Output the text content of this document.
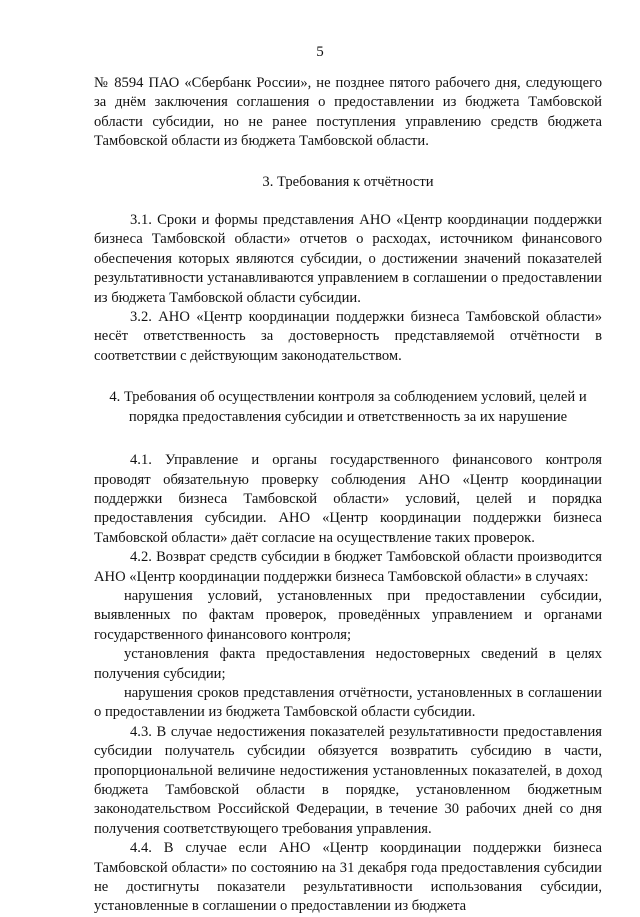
5

№ 8594 ПАО «Сбербанк России», не позднее пятого рабочего дня, следующего за днём заключения соглашения о предоставлении из бюджета Тамбовской области субсидии, но не ранее поступления управлению средств бюджета Тамбовской области из бюджета Тамбовской области.

3. Требования к отчётности

3.1. Сроки и формы представления АНО «Центр координации поддержки бизнеса Тамбовской области» отчетов о расходах, источником финансового обеспечения которых являются субсидии, о достижении значений показателей результативности устанавливаются управлением в соглашении о предоставлении из бюджета Тамбовской области субсидии.

3.2. АНО «Центр координации поддержки бизнеса Тамбовской области» несёт ответственность за достоверность представляемой отчётности в соответствии с действующим законодательством.

4. Требования об осуществлении контроля за соблюдением условий, целей и порядка предоставления субсидии и ответственность за их нарушение

4.1. Управление и органы государственного финансового контроля проводят обязательную проверку соблюдения АНО «Центр координации поддержки бизнеса Тамбовской области» условий, целей и порядка предоставления субсидии. АНО «Центр координации поддержки бизнеса Тамбовской области» даёт согласие на осуществление таких проверок.

4.2. Возврат средств субсидии в бюджет Тамбовской области производится АНО «Центр координации поддержки бизнеса Тамбовской области» в случаях:

нарушения условий, установленных при предоставлении субсидии, выявленных по фактам проверок, проведённых управлением и органами государственного финансового контроля;

установления факта предоставления недостоверных сведений в целях получения субсидии;

нарушения сроков представления отчётности, установленных в соглашении о предоставлении из бюджета Тамбовской области субсидии.

4.3. В случае недостижения показателей результативности предоставления субсидии получатель субсидии обязуется возвратить субсидию в части, пропорциональной величине недостижения установленных показателей, в доход бюджета Тамбовской области в порядке, установленном бюджетным законодательством Российской Федерации, в течение 30 рабочих дней со дня получения соответствующего требования управления.

4.4. В случае если АНО «Центр координации поддержки бизнеса Тамбовской области» по состоянию на 31 декабря года предоставления субсидии не достигнуты показатели результативности использования субсидии, установленные в соглашении о предоставлении из бюджета
